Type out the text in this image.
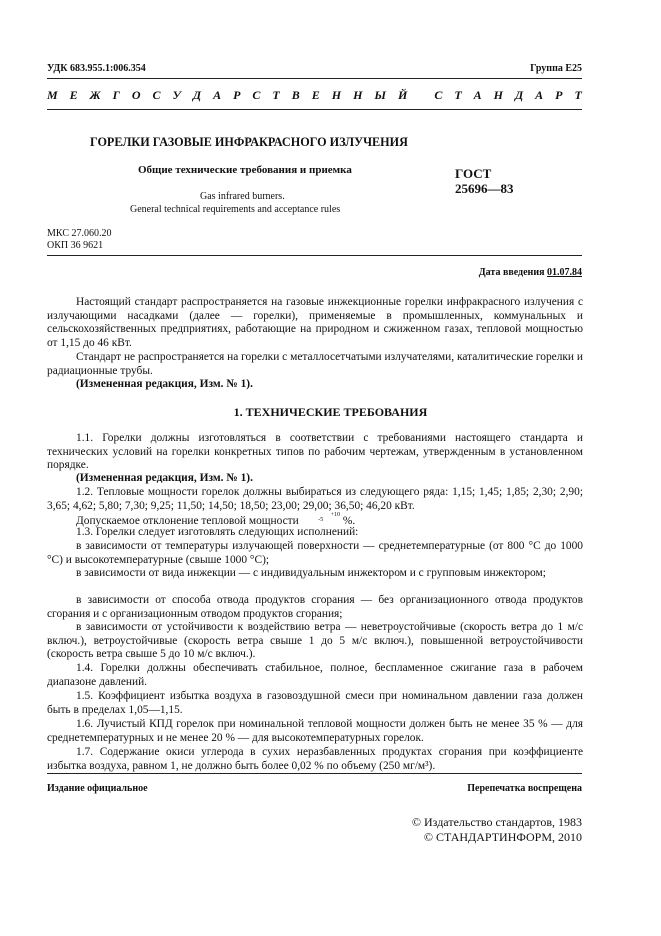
УДК 683.955.1:006.354	Группа Е25
М Е Ж Г О С У Д А Р С Т В Е Н Н Ы Й
С Т А Н Д А Р Т
ГОРЕЛКИ ГАЗОВЫЕ ИНФРАКРАСНОГО ИЗЛУЧЕНИЯ
Общие технические требования и приемка
Gas infrared burners.
General technical requirements and acceptance rules
ГОСТ
25696—83
МКС 27.060.20
ОКП 36 9621
Дата введения 01.07.84
Настоящий стандарт распространяется на газовые инжекционные горелки инфракрасного излучения с излучающими насадками (далее — горелки), применяемые в промышленных, коммунальных и сельскохозяйственных предприятиях, работающие на природном и сжиженном газах, тепловой мощностью от 1,15 до 46 кВт.
Стандарт не распространяется на горелки с металлосетчатыми излучателями, каталитические горелки и радиационные трубы.
(Измененная редакция, Изм. № 1).
1. ТЕХНИЧЕСКИЕ ТРЕБОВАНИЯ
1.1. Горелки должны изготовляться в соответствии с требованиями настоящего стандарта и технических условий на горелки конкретных типов по рабочим чертежам, утвержденным в установленном порядке.
(Измененная редакция, Изм. № 1).
1.2. Тепловые мощности горелок должны выбираться из следующего ряда: 1,15; 1,45; 1,85; 2,30; 2,90; 3,65; 4,62; 5,80; 7,30; 9,25; 11,50; 14,50; 18,50; 23,00; 29,00; 36,50; 46,20 кВт.
Допускаемое отклонение тепловой мощности	$^{+10 -5}$ %.
1.3. Горелки следует изготовлять следующих исполнений:
в зависимости от температуры излучающей поверхности — среднетемпературные (от 800 °С до 1000 °С) и высокотемпературные (свыше 1000 °С);
в зависимости от вида инжекции — с индивидуальным инжектором и с групповым инжектором;
в зависимости от способа отвода продуктов сгорания — без организационного отвода продуктов сгорания и с организационным отводом продуктов сгорания;
в зависимости от устойчивости к воздействию ветра — неветроустойчивые (скорость ветра до 1 м/с включ.), ветроустойчивые (скорость ветра свыше 1 до 5 м/с включ.), повышенной ветроустойчивости (скорость ветра свыше 5 до 10 м/с включ.).
1.4. Горелки должны обеспечивать стабильное, полное, беспламенное сжигание газа в рабочем диапазоне давлений.
1.5. Коэффициент избытка воздуха в газовоздушной смеси при номинальном давлении газа должен быть в пределах 1,05—1,15.
1.6. Лучистый КПД горелок при номинальной тепловой мощности должен быть не менее 35 % — для среднетемпературных и не менее 20 % — для высокотемпературных горелок.
1.7. Содержание окиси углерода в сухих неразбавленных продуктах сгорания при коэффициенте избытка воздуха, равном 1, не должно быть более 0,02 % по объему (250 мг/м³).
Издание официальное	Перепечатка воспрещена
© Издательство стандартов, 1983
© СТАНДАРТИНФОРМ, 2010
